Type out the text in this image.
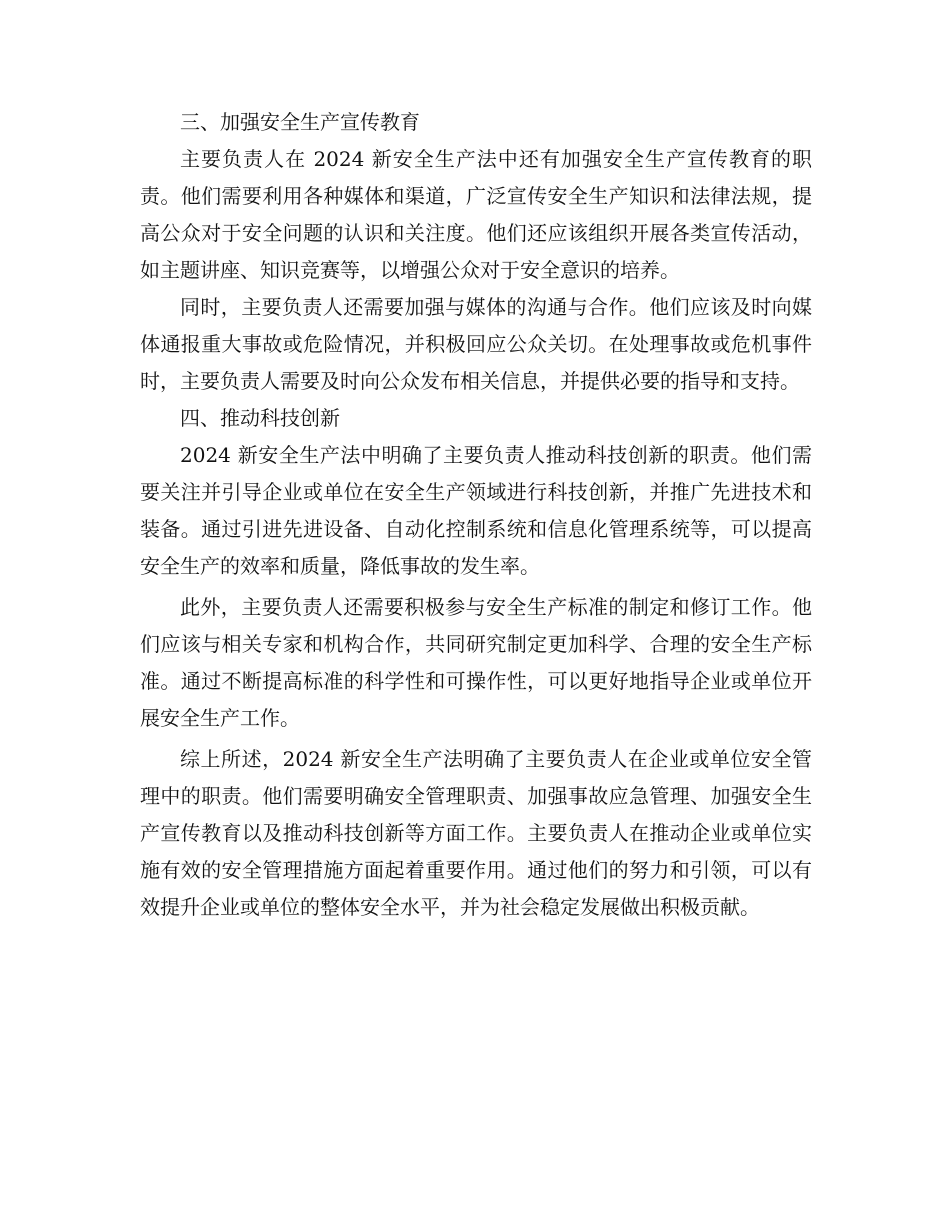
三、加强安全生产宣传教育

主要负责人在 2024 新安全生产法中还有加强安全生产宣传教育的职责。他们需要利用各种媒体和渠道，广泛宣传安全生产知识和法律法规，提高公众对于安全问题的认识和关注度。他们还应该组织开展各类宣传活动，如主题讲座、知识竞赛等，以增强公众对于安全意识的培养。

同时，主要负责人还需要加强与媒体的沟通与合作。他们应该及时向媒体通报重大事故或危险情况，并积极回应公众关切。在处理事故或危机事件时，主要负责人需要及时向公众发布相关信息，并提供必要的指导和支持。

四、推动科技创新

2024 新安全生产法中明确了主要负责人推动科技创新的职责。他们需要关注并引导企业或单位在安全生产领域进行科技创新，并推广先进技术和装备。通过引进先进设备、自动化控制系统和信息化管理系统等，可以提高安全生产的效率和质量，降低事故的发生率。

此外，主要负责人还需要积极参与安全生产标准的制定和修订工作。他们应该与相关专家和机构合作，共同研究制定更加科学、合理的安全生产标准。通过不断提高标准的科学性和可操作性，可以更好地指导企业或单位开展安全生产工作。

综上所述，2024 新安全生产法明确了主要负责人在企业或单位安全管理中的职责。他们需要明确安全管理职责、加强事故应急管理、加强安全生产宣传教育以及推动科技创新等方面工作。主要负责人在推动企业或单位实施有效的安全管理措施方面起着重要作用。通过他们的努力和引领，可以有效提升企业或单位的整体安全水平，并为社会稳定发展做出积极贡献。
